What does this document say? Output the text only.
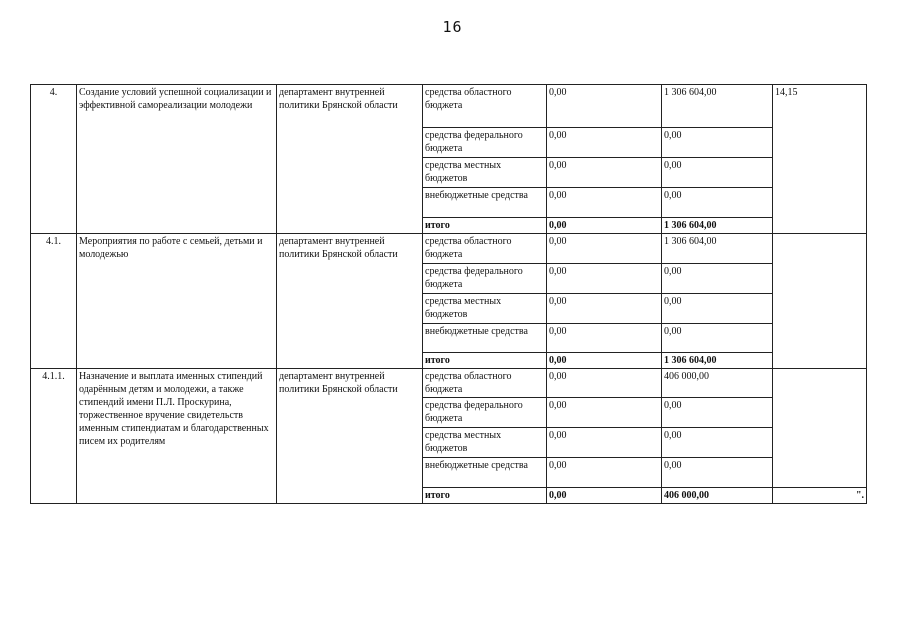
16
4.	Создание условий успешной социализации и эффективной самореализации молодежи	департамент внутренней политики Брянской области	средства областного бюджета	0,00	1 306 604,00	14,15
			средства федерального бюджета	0,00	0,00	
			средства местных бюджетов	0,00	0,00	
			внебюджетные средства	0,00	0,00	
			итого	0,00	1 306 604,00	
4.1.	Мероприятия по работе с семьей, детьми и молодежью	департамент внутренней политики Брянской области	средства областного бюджета	0,00	1 306 604,00	
			средства федерального бюджета	0,00	0,00	
			средства местных бюджетов	0,00	0,00	
			внебюджетные средства	0,00	0,00	
			итого	0,00	1 306 604,00	
4.1.1.	Назначение и выплата именных стипендий одарённым детям и молодежи, а также стипендий имени П.Л. Проскурина, торжественное вручение свидетельств именным стипендиатам и благодарственных писем их родителям	департамент внутренней политики Брянской области	средства областного бюджета	0,00	406 000,00	
			средства федерального бюджета	0,00	0,00	
			средства местных бюджетов	0,00	0,00	
			внебюджетные средства	0,00	0,00	
			итого	0,00	406 000,00	".
